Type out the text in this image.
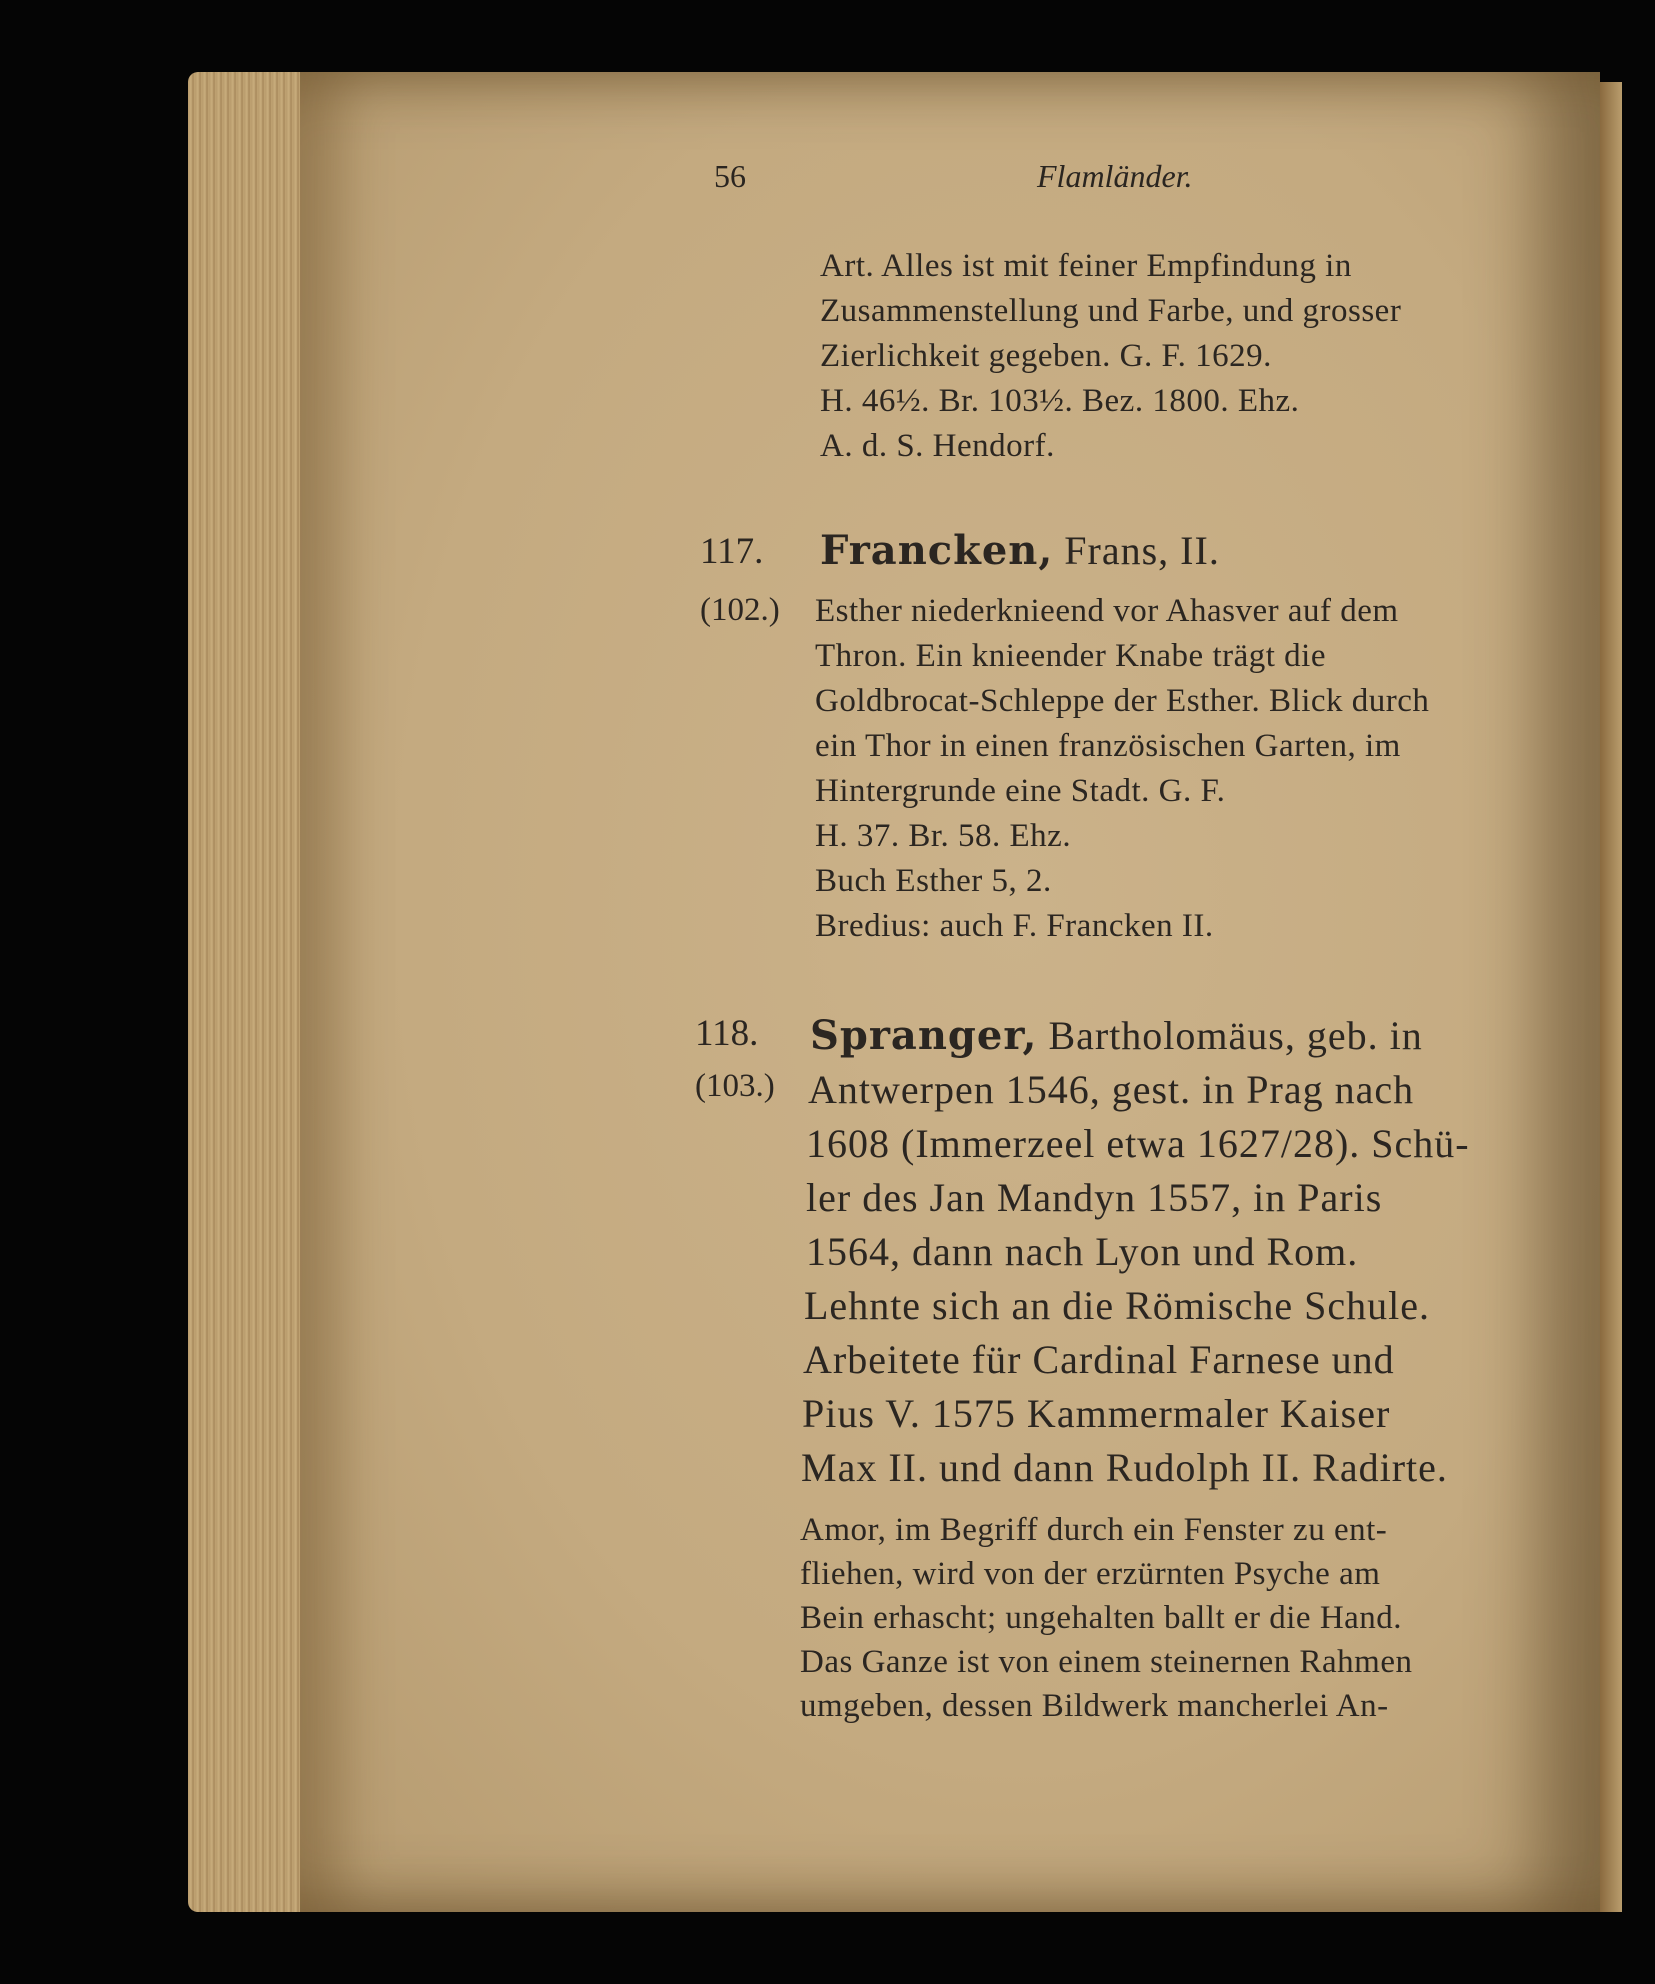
56	Flamländer.
Art. Alles ist mit feiner Empfindung in
Zusammenstellung und Farbe, und grosser
Zierlichkeit gegeben. G. F. 1629.
H. 46½. Br. 103½. Bez. 1800. Ehz.
A. d. S. Hendorf.
117. Francken, Frans, II.
(102.) Esther niederknieend vor Ahasver auf dem
Thron. Ein knieender Knabe trägt die
Goldbrocat-Schleppe der Esther. Blick durch
ein Thor in einen französischen Garten, im
Hintergrunde eine Stadt. G. F.
H. 37. Br. 58. Ehz.
Buch Esther 5, 2.
Bredius: auch F. Francken II.
118. Spranger, Bartholomäus, geb. in
(103.) Antwerpen 1546, gest. in Prag nach
1608 (Immerzeel etwa 1627/28). Schü-
ler des Jan Mandyn 1557, in Paris
1564, dann nach Lyon und Rom.
Lehnte sich an die Römische Schule.
Arbeitete für Cardinal Farnese und
Pius V. 1575 Kammermaler Kaiser
Max II. und dann Rudolph II. Radirte.
Amor, im Begriff durch ein Fenster zu ent-
fliehen, wird von der erzürnten Psyche am
Bein erhascht; ungehalten ballt er die Hand.
Das Ganze ist von einem steinernen Rahmen
umgeben, dessen Bildwerk mancherlei An-
